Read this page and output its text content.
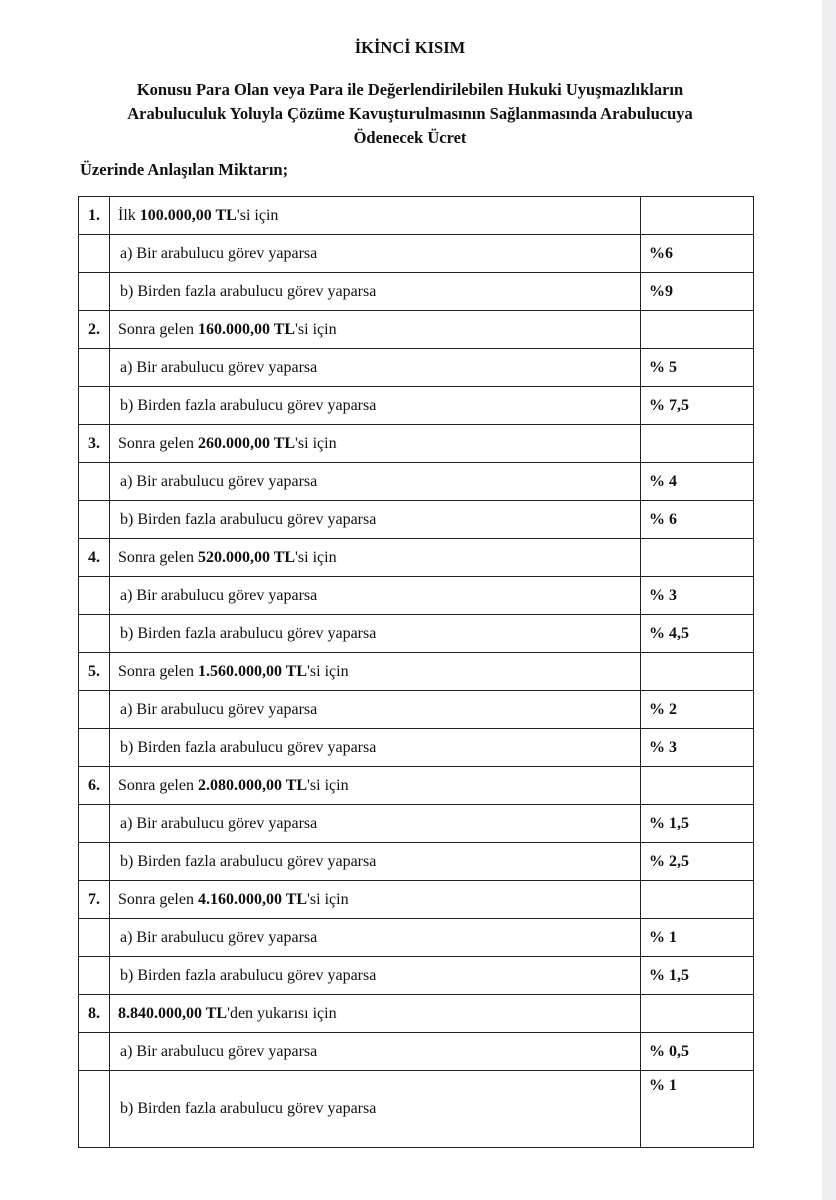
İKİNCİ KISIM
Konusu Para Olan veya Para ile Değerlendirilebilen Hukuki Uyuşmazlıkların
Arabuluculuk Yoluyla Çözüme Kavuşturulmasının Sağlanmasında Arabulucuya
Ödenecek Ücret
Üzerinde Anlaşılan Miktarın;
1.	İlk 100.000,00 TL'si için	
	a) Bir arabulucu görev yaparsa	%6
	b) Birden fazla arabulucu görev yaparsa	%9
2.	Sonra gelen 160.000,00 TL'si için	
	a) Bir arabulucu görev yaparsa	% 5
	b) Birden fazla arabulucu görev yaparsa	% 7,5
3.	Sonra gelen 260.000,00 TL'si için	
	a) Bir arabulucu görev yaparsa	% 4
	b) Birden fazla arabulucu görev yaparsa	% 6
4.	Sonra gelen 520.000,00 TL'si için	
	a) Bir arabulucu görev yaparsa	% 3
	b) Birden fazla arabulucu görev yaparsa	% 4,5
5.	Sonra gelen 1.560.000,00 TL'si için	
	a) Bir arabulucu görev yaparsa	% 2
	b) Birden fazla arabulucu görev yaparsa	% 3
6.	Sonra gelen 2.080.000,00 TL'si için	
	a) Bir arabulucu görev yaparsa	% 1,5
	b) Birden fazla arabulucu görev yaparsa	% 2,5
7.	Sonra gelen 4.160.000,00 TL'si için	
	a) Bir arabulucu görev yaparsa	% 1
	b) Birden fazla arabulucu görev yaparsa	% 1,5
8.	8.840.000,00 TL'den yukarısı için	
	a) Bir arabulucu görev yaparsa	% 0,5
	b) Birden fazla arabulucu görev yaparsa	% 1
